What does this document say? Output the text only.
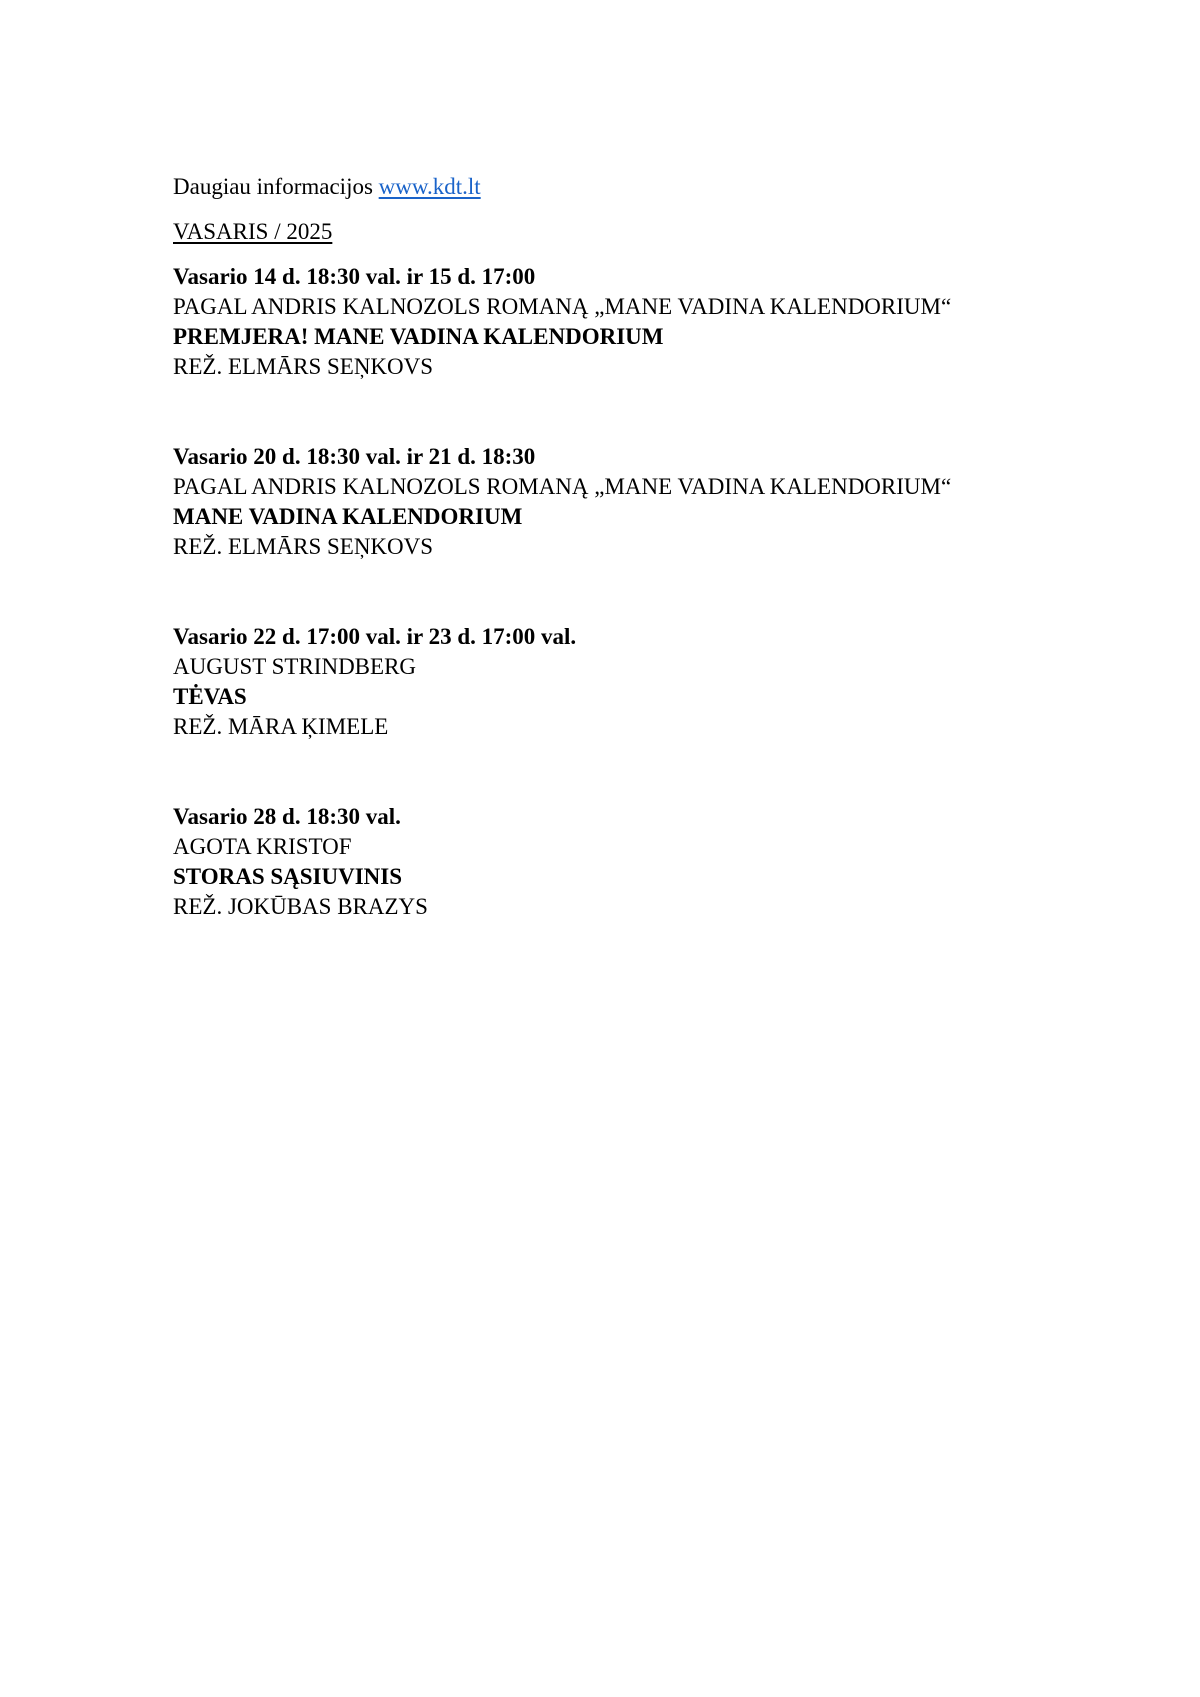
Daugiau informacijos www.kdt.lt

VASARIS / 2025

Vasario 14 d. 18:30 val. ir 15 d. 17:00

PAGAL ANDRIS KALNOZOLS ROMANĄ „MANE VADINA KALENDORIUM“

PREMJERA! MANE VADINA KALENDORIUM

REŽ. ELMĀRS SEŅKOVS

Vasario 20 d. 18:30 val. ir 21 d. 18:30

PAGAL ANDRIS KALNOZOLS ROMANĄ „MANE VADINA KALENDORIUM“

MANE VADINA KALENDORIUM

REŽ. ELMĀRS SEŅKOVS

Vasario 22 d. 17:00 val. ir 23 d. 17:00 val.

AUGUST STRINDBERG

TĖVAS

REŽ. MĀRA ĶIMELE

Vasario 28 d. 18:30 val.

AGOTA KRISTOF

STORAS SĄSIUVINIS

REŽ. JOKŪBAS BRAZYS
